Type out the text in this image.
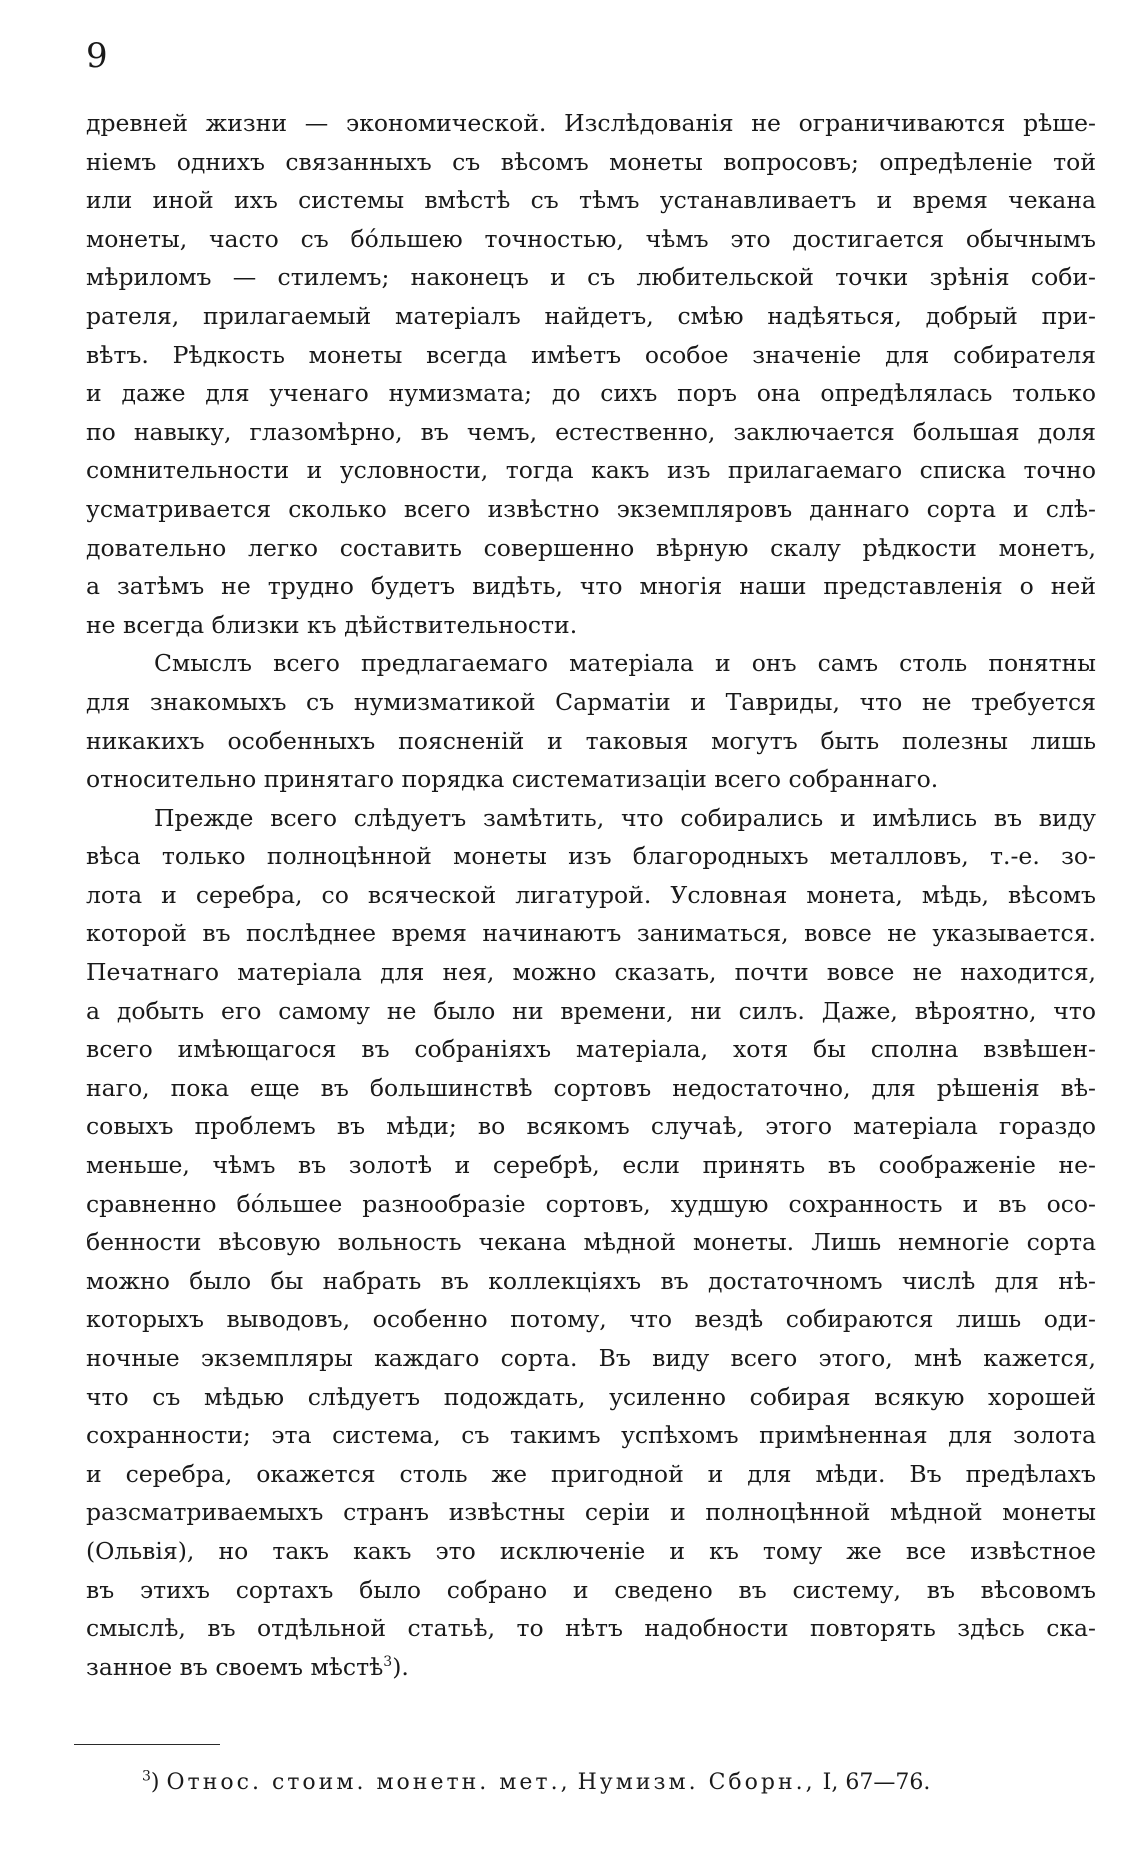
9
древней жизни — экономической. Изслѣдованія не ограничиваются рѣше-
ніемъ однихъ связанныхъ съ вѣсомъ монеты вопросовъ; опредѣленіе той
или иной ихъ системы вмѣстѣ съ тѣмъ устанавливаетъ и время чекана
монеты, часто съ бóльшею точностью, чѣмъ это достигается обычнымъ
мѣриломъ — стилемъ; наконецъ и съ любительской точки зрѣнія соби-
рателя, прилагаемый матеріалъ найдетъ, смѣю надѣяться, добрый при-
вѣтъ. Рѣдкость монеты всегда имѣетъ особое значеніе для собирателя
и даже для ученаго нумизмата; до сихъ поръ она опредѣлялась только
по навыку, глазомѣрно, въ чемъ, естественно, заключается большая доля
сомнительности и условности, тогда какъ изъ прилагаемаго списка точно
усматривается сколько всего извѣстно экземпляровъ даннаго сорта и слѣ-
довательно легко составить совершенно вѣрную скалу рѣдкости монетъ,
а затѣмъ не трудно будетъ видѣть, что многія наши представленія о ней
не всегда близки къ дѣйствительности.
Смыслъ всего предлагаемаго матеріала и онъ самъ столь понятны
для знакомыхъ съ нумизматикой Сарматіи и Тавриды, что не требуется
никакихъ особенныхъ поясненій и таковыя могутъ быть полезны лишь
относительно принятаго порядка систематизаціи всего собраннаго.
Прежде всего слѣдуетъ замѣтить, что собирались и имѣлись въ виду
вѣса только полноцѣнной монеты изъ благородныхъ металловъ, т.-е. зо-
лота и серебра, со всяческой лигатурой. Условная монета, мѣдь, вѣсомъ
которой въ послѣднее время начинаютъ заниматься, вовсе не указывается.
Печатнаго матеріала для нея, можно сказать, почти вовсе не находится,
а добыть его самому не было ни времени, ни силъ. Даже, вѣроятно, что
всего имѣющагося въ собраніяхъ матеріала, хотя бы сполна взвѣшен-
наго, пока еще въ большинствѣ сортовъ недостаточно, для рѣшенія вѣ-
совыхъ проблемъ въ мѣди; во всякомъ случаѣ, этого матеріала гораздо
меньше, чѣмъ въ золотѣ и серебрѣ, если принять въ соображеніе не-
сравненно бóльшее разнообразіе сортовъ, худшую сохранность и въ осо-
бенности вѣсовую вольность чекана мѣдной монеты. Лишь немногіе сорта
можно было бы набрать въ коллекціяхъ въ достаточномъ числѣ для нѣ-
которыхъ выводовъ, особенно потому, что вездѣ собираются лишь оди-
ночные экземпляры каждаго сорта. Въ виду всего этого, мнѣ кажется,
что съ мѣдью слѣдуетъ подождать, усиленно собирая всякую хорошей
сохранности; эта система, съ такимъ успѣхомъ примѣненная для золота
и серебра, окажется столь же пригодной и для мѣди. Въ предѣлахъ
разсматриваемыхъ странъ извѣстны серіи и полноцѣнной мѣдной монеты
(Ольвія), но такъ какъ это исключеніе и къ тому же все извѣстное
въ этихъ сортахъ было собрано и сведено въ систему, въ вѣсовомъ
смыслѣ, въ отдѣльной статьѣ, то нѣтъ надобности повторять здѣсь ска-
занное въ своемъ мѣстѣ$^3$).
$^3$) Относ. стоим. монетн. мет., Нумизм. Сборн., I, 67—76.
